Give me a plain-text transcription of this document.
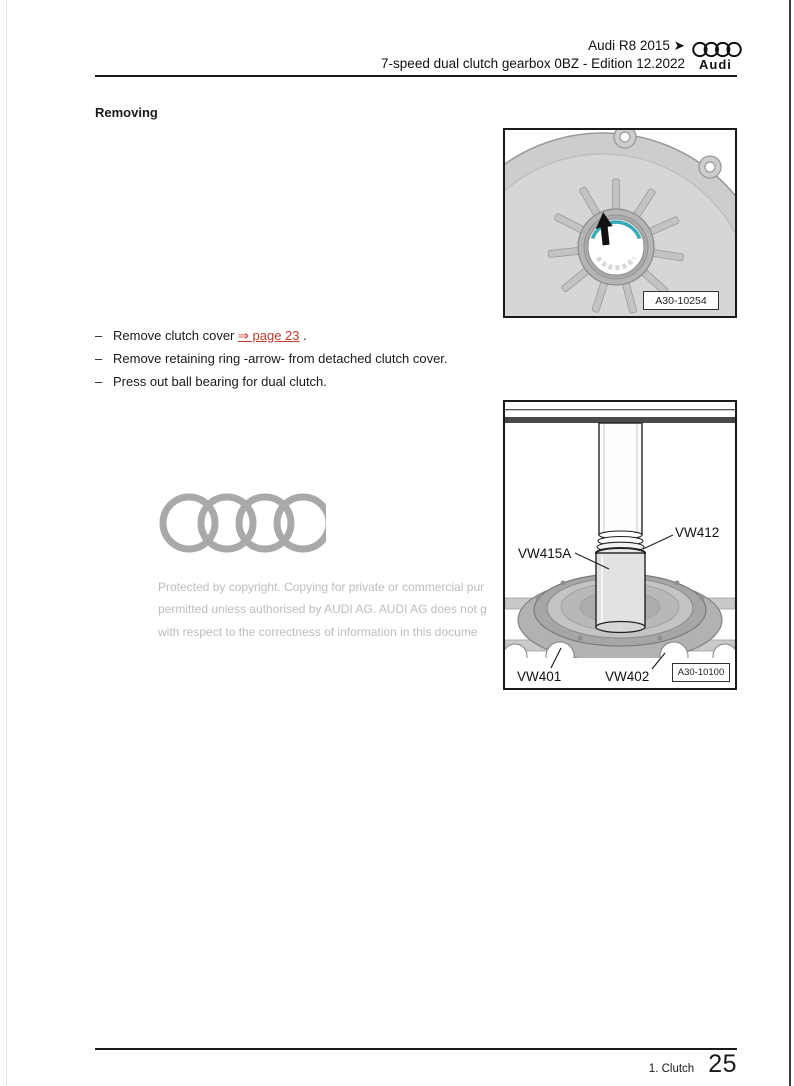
Audi R8 2015 ➤
7-speed dual clutch gearbox 0BZ - Edition 12.2022 Audi
Removing
– Remove clutch cover ⇒ page 23 .
– Remove retaining ring -arrow- from detached clutch cover.
– Press out ball bearing for dual clutch.
Protected by copyright. Copying for private or commercial pur
permitted unless authorised by AUDI AG. AUDI AG does not g
with respect to the correctness of information in this docume
A30-10254
VW415A
VW412
VW401	VW402	A30-10100
1. Clutch 25
